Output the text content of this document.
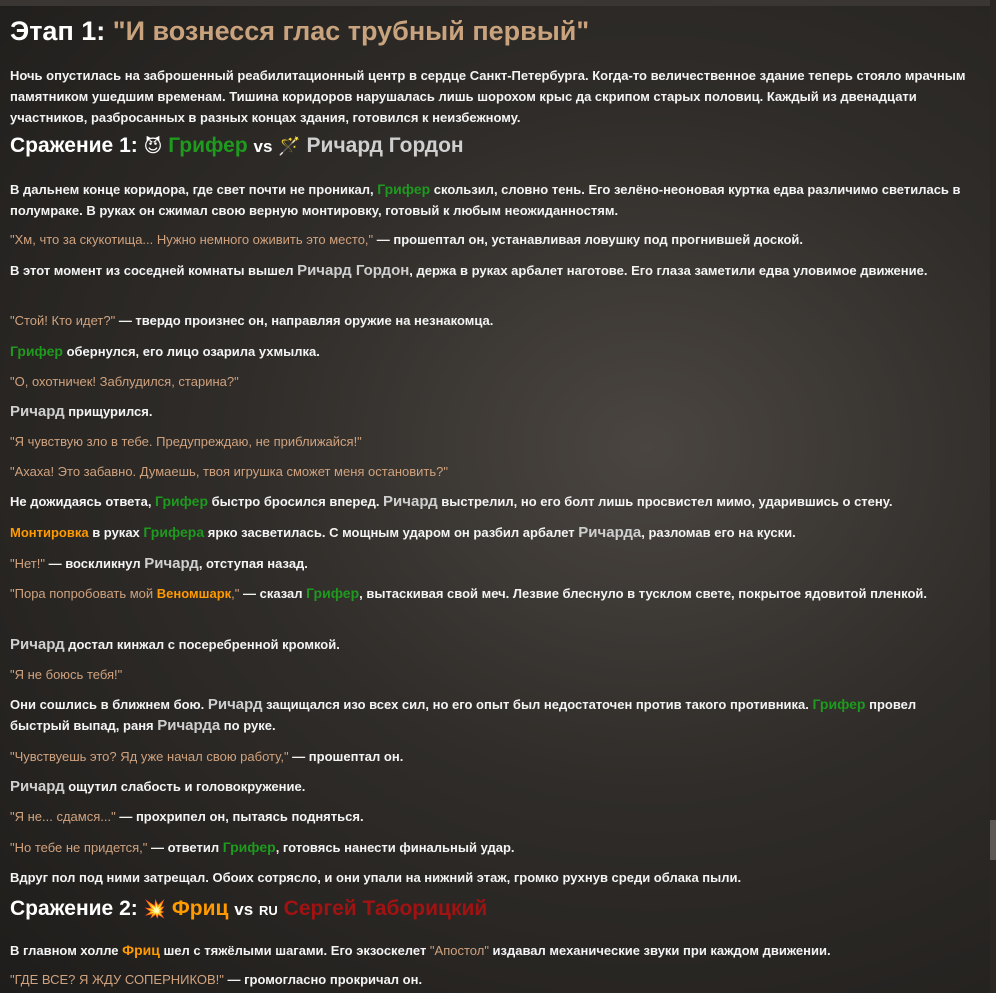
Этап 1: "И вознесся глас трубный первый"

Ночь опустилась на заброшенный реабилитационный центр в сердце Санкт-Петербурга. Когда-то величественное здание теперь стояло мрачным памятником ушедшим временам. Тишина коридоров нарушалась лишь шорохом крыс да скрипом старых половиц. Каждый из двенадцати участников, разбросанных в разных концах здания, готовился к неизбежному.

Сражение 1: 😈 Грифер vs 🪄 Ричард Гордон

В дальнем конце коридора, где свет почти не проникал, Грифер скользил, словно тень. Его зелёно-неоновая куртка едва различимо светилась в полумраке. В руках он сжимал свою верную монтировку, готовый к любым неожиданностям.

"Хм, что за скукотища... Нужно немного оживить это место," — прошептал он, устанавливая ловушку под прогнившей доской.

В этот момент из соседней комнаты вышел Ричард Гордон, держа в руках арбалет наготове. Его глаза заметили едва уловимое движение.

"Стой! Кто идет?" — твердо произнес он, направляя оружие на незнакомца.

Грифер обернулся, его лицо озарила ухмылка.

"О, охотничек! Заблудился, старина?"

Ричард прищурился.

"Я чувствую зло в тебе. Предупреждаю, не приближайся!"

"Ахаха! Это забавно. Думаешь, твоя игрушка сможет меня остановить?"

Не дожидаясь ответа, Грифер быстро бросился вперед. Ричард выстрелил, но его болт лишь просвистел мимо, ударившись о стену.

Монтировка в руках Грифера ярко засветилась. С мощным ударом он разбил арбалет Ричарда, разломав его на куски.

"Нет!" — воскликнул Ричард, отступая назад.

"Пора попробовать мой Веномшарк," — сказал Грифер, вытаскивая свой меч. Лезвие блеснуло в тусклом свете, покрытое ядовитой пленкой.

Ричард достал кинжал с посеребренной кромкой.

"Я не боюсь тебя!"

Они сошлись в ближнем бою. Ричард защищался изо всех сил, но его опыт был недостаточен против такого противника. Грифер провел быстрый выпад, раня Ричарда по руке.

"Чувствуешь это? Яд уже начал свою работу," — прошептал он.

Ричард ощутил слабость и головокружение.

"Я не... сдамся..." — прохрипел он, пытаясь подняться.

"Но тебе не придется," — ответил Грифер, готовясь нанести финальный удар.

Вдруг пол под ними затрещал. Обоих сотрясло, и они упали на нижний этаж, громко рухнув среди облака пыли.

Сражение 2: 💥 Фриц vs RU Сергей Таборицкий

В главном холле Фриц шел с тяжёлыми шагами. Его экзоскелет "Апостол" издавал механические звуки при каждом движении.

"ГДЕ ВСЕ? Я ЖДУ СОПЕРНИКОВ!" — громогласно прокричал он.
